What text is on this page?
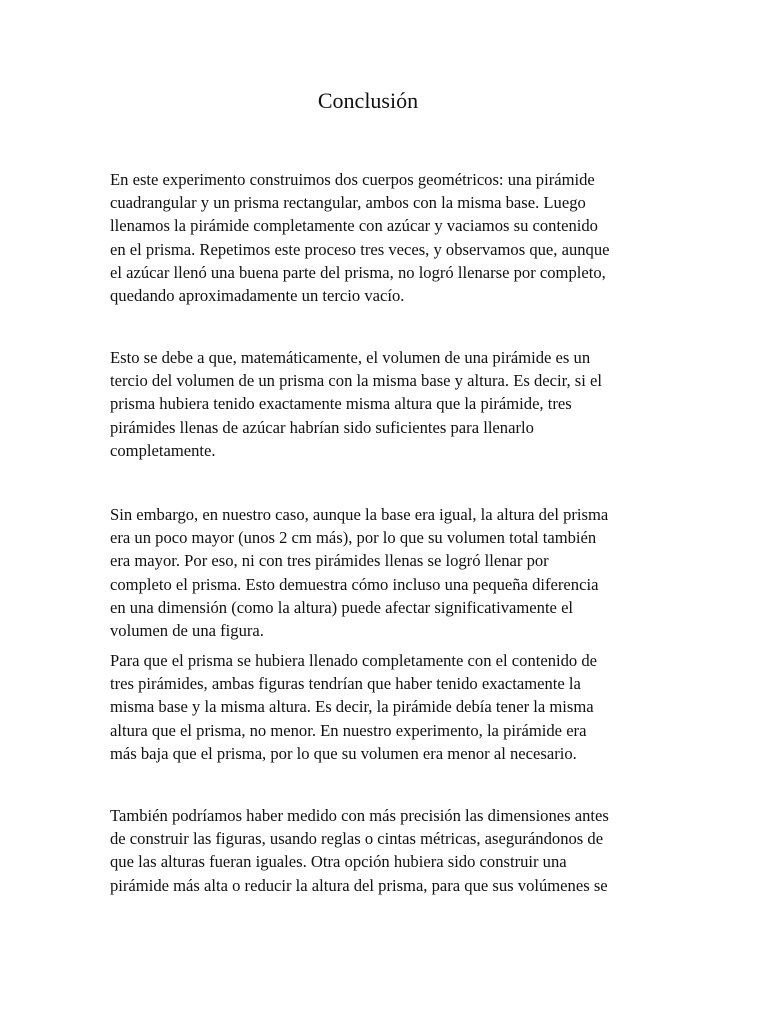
Conclusión

En este experimento construimos dos cuerpos geométricos: una pirámide
cuadrangular y un prisma rectangular, ambos con la misma base. Luego
llenamos la pirámide completamente con azúcar y vaciamos su contenido
en el prisma. Repetimos este proceso tres veces, y observamos que, aunque
el azúcar llenó una buena parte del prisma, no logró llenarse por completo,
quedando aproximadamente un tercio vacío.

Esto se debe a que, matemáticamente, el volumen de una pirámide es un
tercio del volumen de un prisma con la misma base y altura. Es decir, si el
prisma hubiera tenido exactamente misma altura que la pirámide, tres
pirámides llenas de azúcar habrían sido suficientes para llenarlo
completamente.

Sin embargo, en nuestro caso, aunque la base era igual, la altura del prisma
era un poco mayor (unos 2 cm más), por lo que su volumen total también
era mayor. Por eso, ni con tres pirámides llenas se logró llenar por
completo el prisma. Esto demuestra cómo incluso una pequeña diferencia
en una dimensión (como la altura) puede afectar significativamente el
volumen de una figura.

Para que el prisma se hubiera llenado completamente con el contenido de
tres pirámides, ambas figuras tendrían que haber tenido exactamente la
misma base y la misma altura. Es decir, la pirámide debía tener la misma
altura que el prisma, no menor. En nuestro experimento, la pirámide era
más baja que el prisma, por lo que su volumen era menor al necesario.

También podríamos haber medido con más precisión las dimensiones antes
de construir las figuras, usando reglas o cintas métricas, asegurándonos de
que las alturas fueran iguales. Otra opción hubiera sido construir una
pirámide más alta o reducir la altura del prisma, para que sus volúmenes se
